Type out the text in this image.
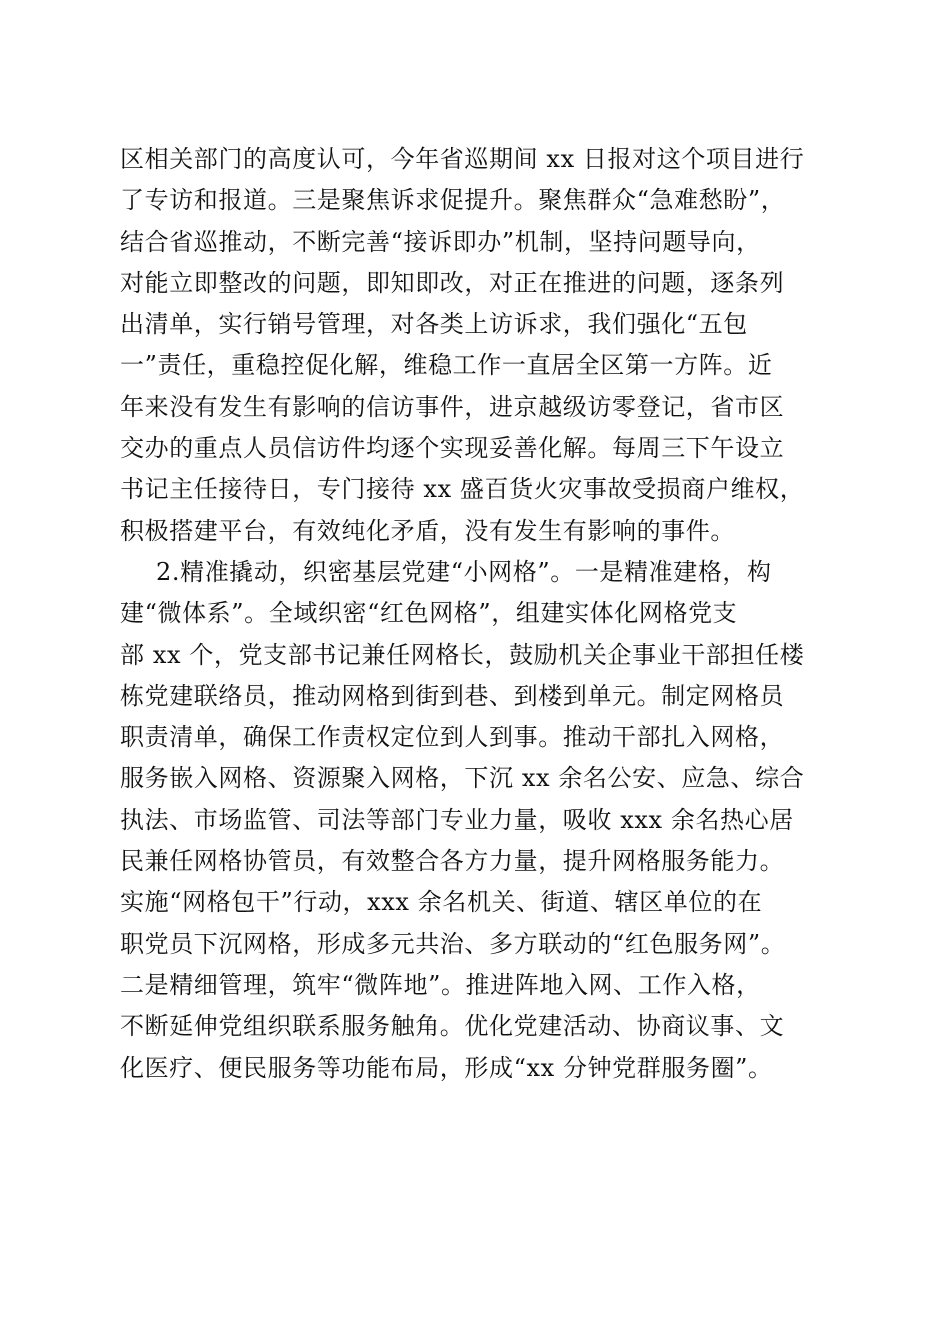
区相关部门的高度认可，今年省巡期间 xx 日报对这个项目进行
了专访和报道。三是聚焦诉求促提升。聚焦群众“急难愁盼”，
结合省巡推动，不断完善“接诉即办”机制，坚持问题导向，
对能立即整改的问题，即知即改，对正在推进的问题，逐条列
出清单，实行销号管理，对各类上访诉求，我们强化“五包
一”责任，重稳控促化解，维稳工作一直居全区第一方阵。近
年来没有发生有影响的信访事件，进京越级访零登记，省市区
交办的重点人员信访件均逐个实现妥善化解。每周三下午设立
书记主任接待日，专门接待 xx 盛百货火灾事故受损商户维权，
积极搭建平台，有效纯化矛盾，没有发生有影响的事件。
2.精准撬动，织密基层党建“小网格”。一是精准建格，构
建“微体系”。全域织密“红色网格”，组建实体化网格党支
部 xx 个，党支部书记兼任网格长，鼓励机关企事业干部担任楼
栋党建联络员，推动网格到街到巷、到楼到单元。制定网格员
职责清单，确保工作责权定位到人到事。推动干部扎入网格，
服务嵌入网格、资源聚入网格，下沉 xx 余名公安、应急、综合
执法、市场监管、司法等部门专业力量，吸收 xxx 余名热心居
民兼任网格协管员，有效整合各方力量，提升网格服务能力。
实施“网格包干”行动，xxx 余名机关、街道、辖区单位的在
职党员下沉网格，形成多元共治、多方联动的“红色服务网”。
二是精细管理，筑牢“微阵地”。推进阵地入网、工作入格，
不断延伸党组织联系服务触角。优化党建活动、协商议事、文
化医疗、便民服务等功能布局，形成“xx 分钟党群服务圈”。
